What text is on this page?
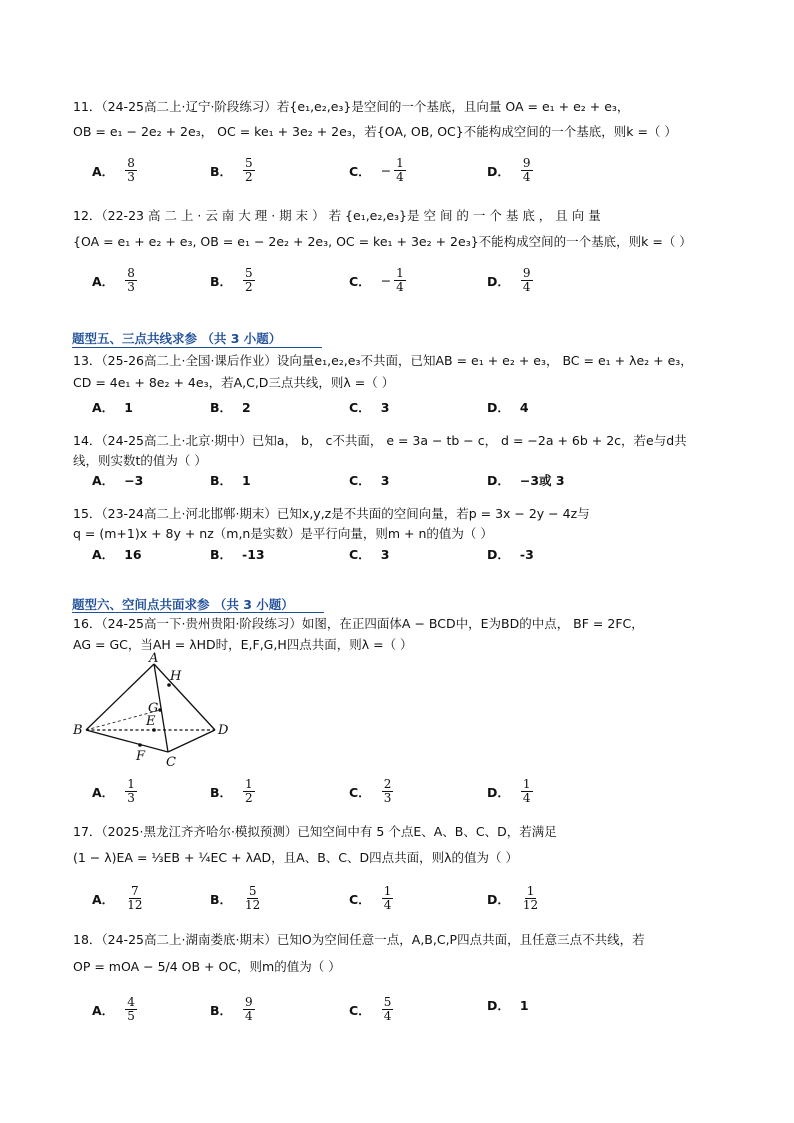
11．（24-25高二上·辽宁·阶段练习）若{e₁,e₂,e₃}是空间的一个基底，且向量 OA = e₁ + e₂ + e₃，
OB = e₁ − 2e₂ + 2e₃， OC = ke₁ + 3e₂ + 2e₃，若{OA, OB, OC}不能构成空间的一个基底，则k =（ ）
A． $\frac{8}{3}$	B． $\frac{5}{2}$	C． − $\frac{1}{4}$	D． $\frac{9}{4}$
12．（22-23 高 二 上 · 云 南 大 理 · 期 末 ） 若 {e₁,e₂,e₃}是 空 间 的 一 个 基 底 ， 且 向 量
{OA = e₁ + e₂ + e₃, OB = e₁ − 2e₂ + 2e₃, OC = ke₁ + 3e₂ + 2e₃}不能构成空间的一个基底，则k =（ ）
A． $\frac{8}{3}$	B． $\frac{5}{2}$	C． − $\frac{1}{4}$	D． $\frac{9}{4}$
题型五、三点共线求参 （共 3 小题）
13．（25-26高二上·全国·课后作业）设向量e₁,e₂,e₃不共面，已知AB = e₁ + e₂ + e₃， BC = e₁ + λe₂ + e₃，
CD = 4e₁ + 8e₂ + 4e₃，若A,C,D三点共线，则λ =（ ）
A． 1	B． 2	C． 3	D． 4
14．（24-25高二上·北京·期中）已知a， b， c不共面， e = 3a − tb − c， d = −2a + 6b + 2c，若e与d共
线，则实数t的值为（ ）
A． −3	B． 1	C． 3	D． −3或 3
15．（23-24高二上·河北邯郸·期末）已知x,y,z是不共面的空间向量，若p = 3x − 2y − 4z与
q = (m+1)x + 8y + nz（m,n是实数）是平行向量，则m + n的值为（ ）
A． 16	B． -13	C． 3	D． -3
题型六、空间点共面求参 （共 3 小题）
16．（24-25高一下·贵州贵阳·阶段练习）如图，在正四面体A − BCD中，E为BD的中点， BF = 2FC，
AG = GC，当AH = λHD时，E,F,G,H四点共面，则λ =（ ）
A
H
G
E
B	D
F C
A． $\frac{1}{3}$	B． $\frac{1}{2}$	C． $\frac{2}{3}$	D． $\frac{1}{4}$
17．（2025·黑龙江齐齐哈尔·模拟预测）已知空间中有 5 个点E、A、B、C、D，若满足
(1 − λ)EA = ⅓EB + ¼EC + λAD，且A、B、C、D四点共面，则λ的值为（ ）
A． $\frac{7}{12}$	B． $\frac{5}{12}$	C． $\frac{1}{4}$	D． $\frac{1}{12}$
18．（24-25高二上·湖南娄底·期末）已知O为空间任意一点，A,B,C,P四点共面，且任意三点不共线，若
OP = mOA − 5/4 OB + OC，则m的值为（ ）
A． $\frac{4}{5}$	B． $\frac{9}{4}$	C． $\frac{5}{4}$	D． 1
